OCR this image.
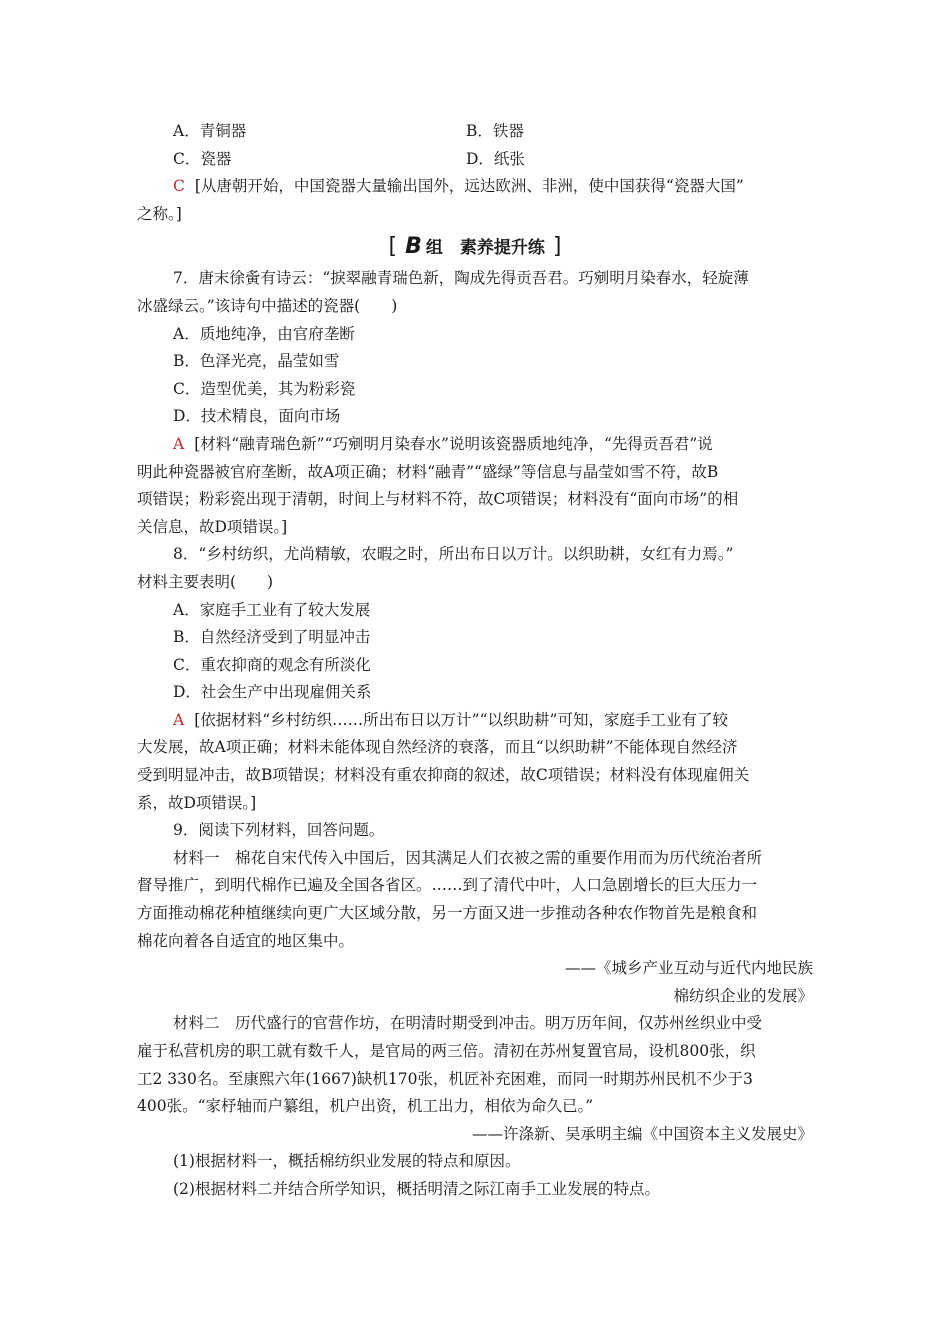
A．青铜器	B．铁器
C．瓷器	D．纸张
C [从唐朝开始，中国瓷器大量输出国外，远达欧洲、非洲，使中国获得“瓷器大国”
之称。]
[ B 组　素养提升练 ]
7．唐末徐夤有诗云：“捩翠融青瑞色新，陶成先得贡吾君。巧剜明月染春水，轻旋薄
冰盛绿云。”该诗句中描述的瓷器(　　)
A．质地纯净，由官府垄断
B．色泽光亮，晶莹如雪
C．造型优美，其为粉彩瓷
D．技术精良，面向市场
A [材料“融青瑞色新”“巧剜明月染春水”说明该瓷器质地纯净，“先得贡吾君”说
明此种瓷器被官府垄断，故A项正确；材料“融青”“盛绿”等信息与晶莹如雪不符，故B
项错误；粉彩瓷出现于清朝，时间上与材料不符，故C项错误；材料没有“面向市场”的相
关信息，故D项错误。]
8．“乡村纺织，尤尚精敏，农暇之时，所出布日以万计。以织助耕，女红有力焉。”
材料主要表明(　　)
A．家庭手工业有了较大发展
B．自然经济受到了明显冲击
C．重农抑商的观念有所淡化
D．社会生产中出现雇佣关系
A [依据材料“乡村纺织……所出布日以万计”“以织助耕”可知，家庭手工业有了较
大发展，故A项正确；材料未能体现自然经济的衰落，而且“以织助耕”不能体现自然经济
受到明显冲击，故B项错误；材料没有重农抑商的叙述，故C项错误；材料没有体现雇佣关
系，故D项错误。]
9．阅读下列材料，回答问题。
材料一　棉花自宋代传入中国后，因其满足人们衣被之需的重要作用而为历代统治者所
督导推广，到明代棉作已遍及全国各省区。……到了清代中叶，人口急剧增长的巨大压力一
方面推动棉花种植继续向更广大区域分散，另一方面又进一步推动各种农作物首先是粮食和
棉花向着各自适宜的地区集中。
——《城乡产业互动与近代内地民族
棉纺织企业的发展》
材料二　历代盛行的官营作坊，在明清时期受到冲击。明万历年间，仅苏州丝织业中受
雇于私营机房的职工就有数千人，是官局的两三倍。清初在苏州复置官局，设机800张，织
工2 330名。至康熙六年(1667)缺机170张，机匠补充困难，而同一时期苏州民机不少于3
400张。“家杼轴而户纂组，机户出资，机工出力，相依为命久已。”
——许涤新、吴承明主编《中国资本主义发展史》
(1)根据材料一，概括棉纺织业发展的特点和原因。
(2)根据材料二并结合所学知识，概括明清之际江南手工业发展的特点。
